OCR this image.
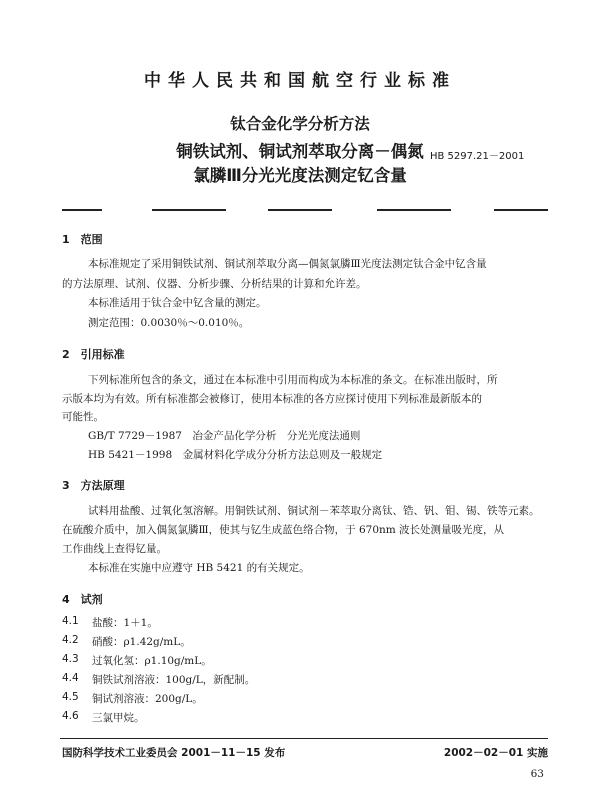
中华人民共和国航空行业标准
钛合金化学分析方法
铜铁试剂、铜试剂萃取分离－偶氮
氯膦Ⅲ分光光度法测定钇含量
HB 5297.21－2001
1　范围
本标准规定了采用铜铁试剂、铜试剂萃取分离—偶氮氯膦Ⅲ光度法测定钛合金中钇含量
的方法原理、试剂、仪器、分析步骤、分析结果的计算和允许差。
本标准适用于钛合金中钇含量的测定。
测定范围：0.0030％～0.010％。
2　引用标准
下列标准所包含的条文，通过在本标准中引用而构成为本标准的条文。在标准出版时，所
示版本均为有效。所有标准都会被修订，使用本标准的各方应探讨使用下列标准最新版本的
可能性。
GB/T 7729－1987　冶金产品化学分析　分光光度法通则
HB 5421－1998　金属材料化学成分分析方法总则及一般规定
3　方法原理
试料用盐酸、过氧化氢溶解。用铜铁试剂、铜试剂－苯萃取分离钛、锆、钒、钼、锡、铁等元素。
在硫酸介质中，加入偶氮氯膦Ⅲ，使其与钇生成蓝色络合物，于 670nm 波长处测量吸光度，从
工作曲线上查得钇量。
本标准在实施中应遵守 HB 5421 的有关规定。
4　试剂
4.1 盐酸：1＋1。
4.2 硝酸：ρ1.42g/mL。
4.3 过氧化氢：ρ1.10g/mL。
4.4 铜铁试剂溶液：100g/L，新配制。
4.5 铜试剂溶液：200g/L。
4.6 三氯甲烷。
国防科学技术工业委员会 2001－11－15 发布	2002－02－01 实施
63
